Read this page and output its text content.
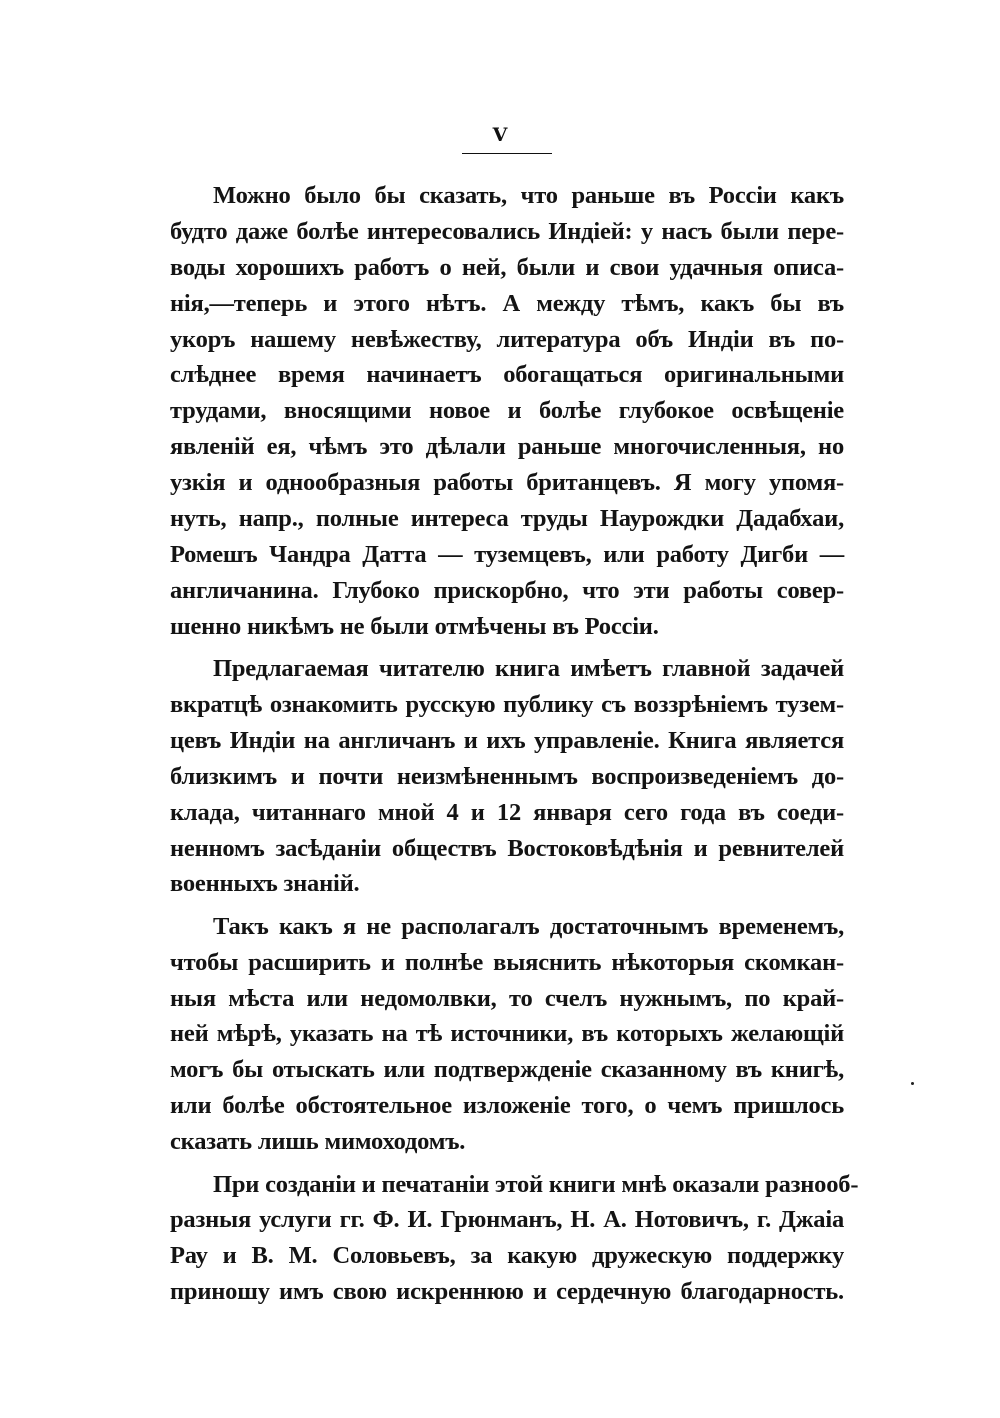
V
Можно было бы сказать, что раньше въ Россіи какъ
будто даже болѣе интересовались Индіей: у насъ были пере-
воды хорошихъ работъ о ней, были и свои удачныя описа-
нія,—теперь и этого нѣтъ. А между тѣмъ, какъ бы въ
укоръ нашему невѣжеству, литература объ Индіи въ по-
слѣднее время начинаетъ обогащаться оригинальными
трудами, вносящими новое и болѣе глубокое освѣщеніе
явленій ея, чѣмъ это дѣлали раньше многочисленныя, но
узкія и однообразныя работы британцевъ. Я могу упомя-
нуть, напр., полные интереса труды Наурождки Дадабхаи,
Ромешъ Чандра Датта — туземцевъ, или работу Дигби —
англичанина. Глубоко прискорбно, что эти работы совер-
шенно никѣмъ не были отмѣчены въ Россіи.
Предлагаемая читателю книга имѣетъ главной задачей
вкратцѣ ознакомить русскую публику съ воззрѣніемъ тузем-
цевъ Индіи на англичанъ и ихъ управленіе. Книга является
близкимъ и почти неизмѣненнымъ воспроизведеніемъ до-
клада, читаннаго мной 4 и 12 января сего года въ соеди-
ненномъ засѣданіи обществъ Востоковѣдѣнія и ревнителей
военныхъ знаній.
Такъ какъ я не располагалъ достаточнымъ временемъ,
чтобы расширить и полнѣе выяснить нѣкоторыя скомкан-
ныя мѣста или недомолвки, то счелъ нужнымъ, по край-
ней мѣрѣ, указать на тѣ источники, въ которыхъ желающій
могъ бы отыскать или подтвержденіе сказанному въ книгѣ,
или болѣе обстоятельное изложеніе того, о чемъ пришлось
сказать лишь мимоходомъ.
При созданіи и печатаніи этой книги мнѣ оказали разнооб-
разныя услуги гг. Ф. И. Грюнманъ, Н. А. Нотовичъ, г. Джаіа
Рау и В. М. Соловьевъ, за какую дружескую поддержку
приношу имъ свою искреннюю и сердечную благодарность.
